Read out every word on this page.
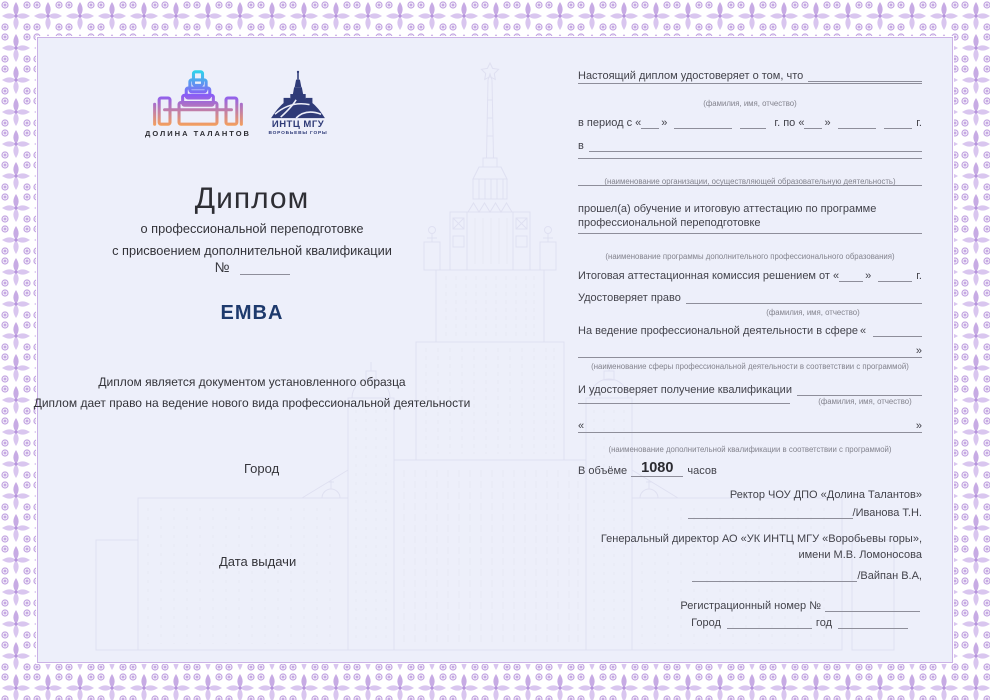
ДОЛИНА ТАЛАНТОВ
ИНТЦ МГУ
ВОРОБЬЕВЫ ГОРЫ
Диплом
о профессиональной переподготовке
с присвоением дополнительной квалификации
№
EMBA
Диплом является документом установленного образца
Диплом дает право на ведение нового вида профессиональной деятельности
Город
Дата выдачи
Настоящий диплом удостоверяет о том, что
(фамилия, имя, отчество)
в период с « »	г. по « »	г.
в
(наименование организации, осуществляющей образовательную деятельность)
прошел(а) обучение и итоговую аттестацию по программе
профессиональной переподготовке
(наименование программы дополнительного профессионального образования)
Итоговая аттестационная комиссия решением от « »	г.
Удостоверяет право
(фамилия, имя, отчество)
На ведение профессиональной деятельности в сфере «
»
(наименование сферы профессиональной деятельности в соответствии с программой)
И удостоверяет получение квалификации
(фамилия, имя, отчество)
«	»
(наименование дополнительной квалификации в соответствии с программой)
В объёме 1080	часов
Ректор ЧОУ ДПО «Долина Талантов»
/Иванова Т.Н.
Генеральный директор АО «УК ИНТЦ МГУ «Воробьевы горы»,
имени М.В. Ломоносова
/Вайпан В.А,
Регистрационный номер №
Город	год
